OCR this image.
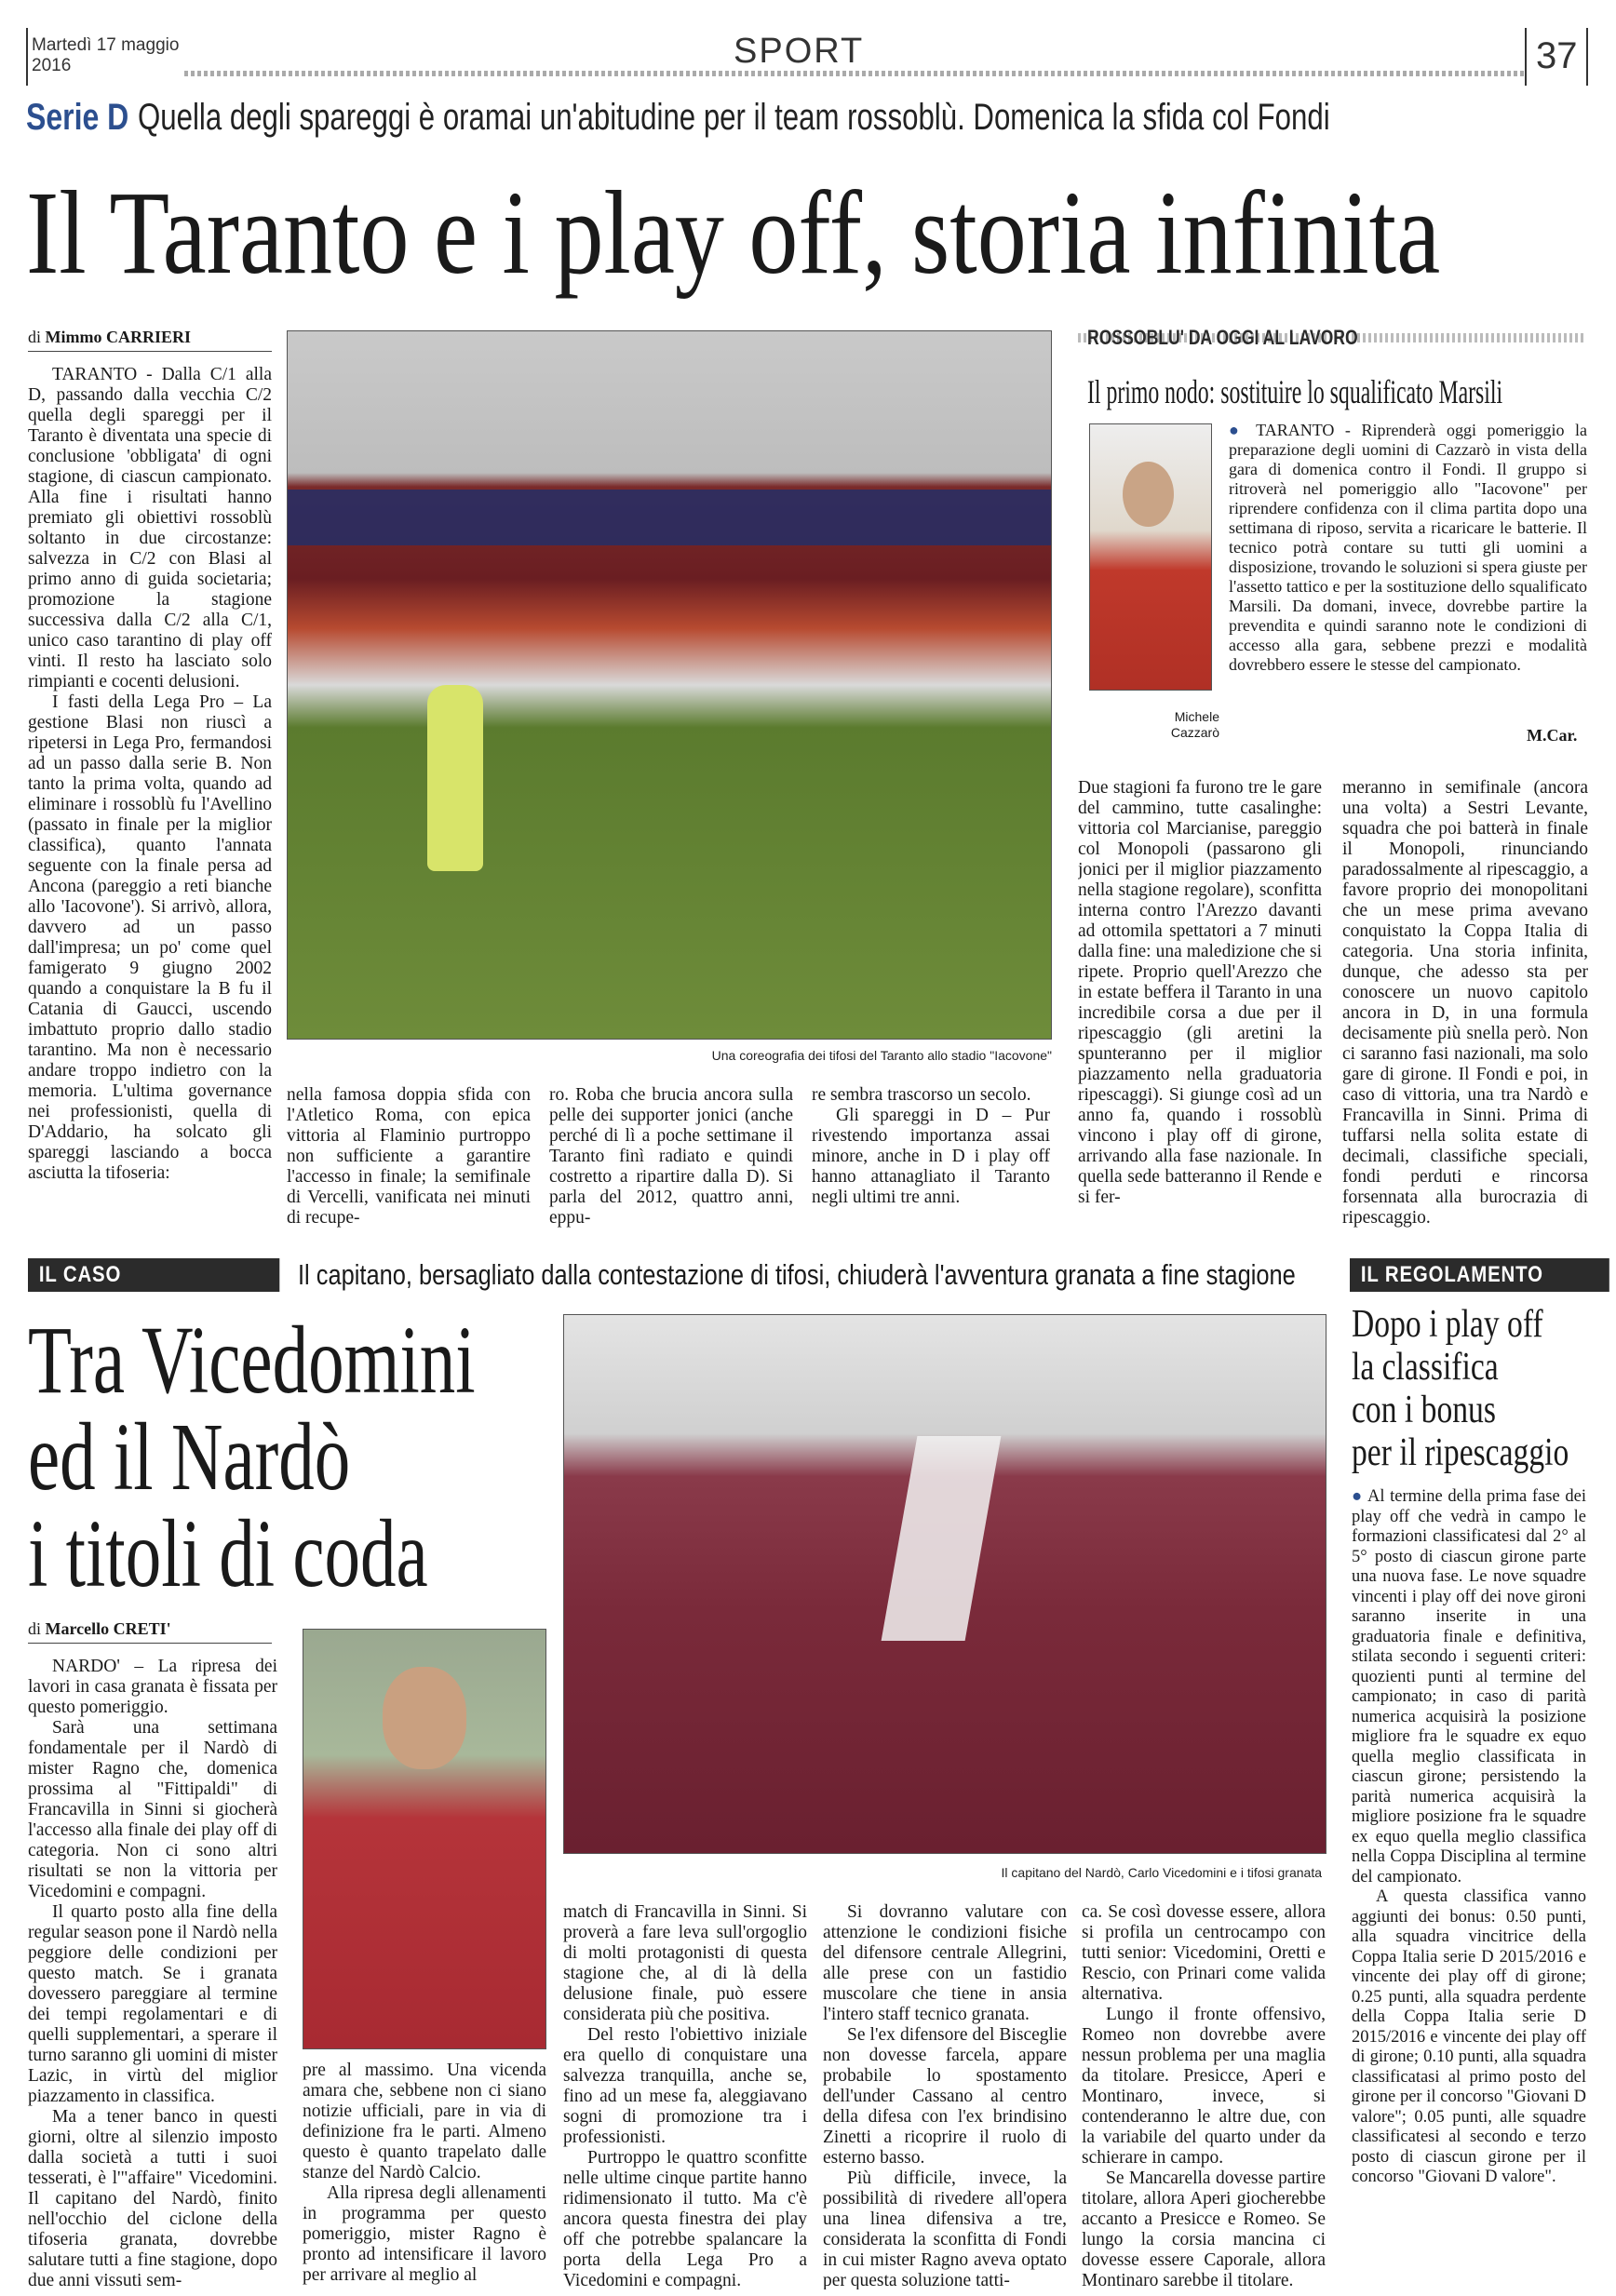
Martedì 17 maggio
2016	SPORT	37
Serie D Quella degli spareggi è oramai un'abitudine per il team rossoblù. Domenica la sfida col Fondi
Il Taranto e i play off, storia infinita
di Mimmo CARRIERI

TARANTO - Dalla C/1 alla D, passando dalla vecchia C/2 quella degli spareggi per il Taranto è diventata una specie di conclusione 'obbligata' di ogni stagione, di ciascun campionato. Alla fine i risultati hanno premiato gli obiettivi rossoblù soltanto in due circostanze: salvezza in C/2 con Blasi al primo anno di guida societaria; promozione la stagione successiva dalla C/2 alla C/1, unico caso tarantino di play off vinti. Il resto ha lasciato solo rimpianti e cocenti delusioni.

I fasti della Lega Pro – La gestione Blasi non riuscì a ripetersi in Lega Pro, fermandosi ad un passo dalla serie B. Non tanto la prima volta, quando ad eliminare i rossoblù fu l'Avellino (passato in finale per la miglior classifica), quanto l'annata seguente con la finale persa ad Ancona (pareggio a reti bianche allo 'Iacovone'). Si arrivò, allora, davvero ad un passo dall'impresa; un po' come quel famigerato 9 giugno 2002 quando a conquistare la B fu il Catania di Gaucci, uscendo imbattuto proprio dallo stadio tarantino. Ma non è necessario andare troppo indietro con la memoria. L'ultima governance nei professionisti, quella di D'Addario, ha solcato gli spareggi lasciando a bocca asciutta la tifoseria:

Una coreografia dei tifosi del Taranto allo stadio "Iacovone"

nella famosa doppia sfida con l'Atletico Roma, con epica vittoria al Flaminio purtroppo non sufficiente a garantire l'accesso in finale; la semifinale di Vercelli, vanificata nei minuti di recupe-

ro. Roba che brucia ancora sulla pelle dei supporter jonici (anche perché di lì a poche settimane il Taranto finì radiato e quindi costretto a ripartire dalla D). Si parla del 2012, quattro anni, eppu-

re sembra trascorso un secolo.

Gli spareggi in D – Pur rivestendo importanza assai minore, anche in D i play off hanno attanagliato il Taranto negli ultimi tre anni.

ROSSOBLU' DA OGGI AL LAVORO
Il primo nodo: sostituire lo squalificato Marsili
Michele
Cazzarò

● TARANTO - Riprenderà oggi pomeriggio la preparazione degli uomini di Cazzarò in vista della gara di domenica contro il Fondi. Il gruppo si ritroverà nel pomeriggio allo "Iacovone" per riprendere confidenza con il clima partita dopo una settimana di riposo, servita a ricaricare le batterie. Il tecnico potrà contare su tutti gli uomini a disposizione, trovando le soluzioni si spera giuste per l'assetto tattico e per la sostituzione dello squalificato Marsili. Da domani, invece, dovrebbe partire la prevendita e quindi saranno note le condizioni di accesso alla gara, sebbene prezzi e modalità dovrebbero essere le stesse del campionato.

M.Car.

Due stagioni fa furono tre le gare del cammino, tutte casalinghe: vittoria col Marcianise, pareggio col Monopoli (passarono gli jonici per il miglior piazzamento nella stagione regolare), sconfitta interna contro l'Arezzo davanti ad ottomila spettatori a 7 minuti dalla fine: una maledizione che si ripete. Proprio quell'Arezzo che in estate beffera il Taranto in una incredibile corsa a due per il ripescaggio (gli aretini la spunteranno per il miglior piazzamento nella graduatoria ripescaggi). Si giunge così ad un anno fa, quando i rossoblù vincono i play off di girone, arrivando alla fase nazionale. In quella sede batteranno il Rende e si fer-

meranno in semifinale (ancora una volta) a Sestri Levante, squadra che poi batterà in finale il Monopoli, rinunciando paradossalmente al ripescaggio, a favore proprio dei monopolitani che un mese prima avevano conquistato la Coppa Italia di categoria. Una storia infinita, dunque, che adesso sta per conoscere un nuovo capitolo ancora in D, in una formula decisamente più snella però. Non ci saranno fasi nazionali, ma solo gare di girone. Il Fondi e poi, in caso di vittoria, una tra Nardò e Francavilla in Sinni. Prima di tuffarsi nella solita estate di decimali, classifiche speciali, fondi perduti e rincorsa forsennata alla burocrazia di ripescaggio.

IL CASO	Il capitano, bersagliato dalla contestazione di tifosi, chiuderà l'avventura granata a fine stagione
Tra Vicedomini
ed il Nardò
i titoli di coda
di Marcello CRETI'

NARDO' – La ripresa dei lavori in casa granata è fissata per questo pomeriggio.

Sarà una settimana fondamentale per il Nardò di mister Ragno che, domenica prossima al "Fittipaldi" di Francavilla in Sinni si giocherà l'accesso alla finale dei play off di categoria. Non ci sono altri risultati se non la vittoria per Vicedomini e compagni.

Il quarto posto alla fine della regular season pone il Nardò nella peggiore delle condizioni per questo match. Se i granata dovessero pareggiare al termine dei tempi regolamentari e di quelli supplementari, a sperare il turno saranno gli uomini di mister Lazic, in virtù del miglior piazzamento in classifica.

Ma a tener banco in questi giorni, oltre al silenzio imposto dalla società a tutti i suoi tesserati, è l'"affaire" Vicedomini. Il capitano del Nardò, finito nell'occhio del ciclone della tifoseria granata, dovrebbe salutare tutti a fine stagione, dopo due anni vissuti sem-

pre al massimo. Una vicenda amara che, sebbene non ci siano notizie ufficiali, pare in via di definizione fra le parti. Almeno questo è quanto trapelato dalle stanze del Nardò Calcio.

Alla ripresa degli allenamenti in programma per questo pomeriggio, mister Ragno è pronto ad intensificare il lavoro per arrivare al meglio al

Il capitano del Nardò, Carlo Vicedomini e i tifosi granata

match di Francavilla in Sinni. Si proverà a fare leva sull'orgoglio di molti protagonisti di questa stagione che, al di là della delusione finale, può essere considerata più che positiva.

Del resto l'obiettivo iniziale era quello di conquistare una salvezza tranquilla, anche se, fino ad un mese fa, aleggiavano sogni di promozione tra i professionisti.

Purtroppo le quattro sconfitte nelle ultime cinque partite hanno ridimensionato il tutto. Ma c'è ancora questa finestra dei play off che potrebbe spalancare la porta della Lega Pro a Vicedomini e compagni.

Si dovranno valutare con attenzione le condizioni fisiche del difensore centrale Allegrini, alle prese con un fastidio muscolare che tiene in ansia l'intero staff tecnico granata.

Se l'ex difensore del Bisceglie non dovesse farcela, appare probabile lo spostamento dell'under Cassano al centro della difesa con l'ex brindisino Zinetti a ricoprire il ruolo di esterno basso.

Più difficile, invece, la possibilità di rivedere all'opera una linea difensiva a tre, considerata la sconfitta di Fondi in cui mister Ragno aveva optato per questa soluzione tatti-

ca. Se così dovesse essere, allora si profila un centrocampo con tutti senior: Vicedomini, Oretti e Rescio, con Prinari come valida alternativa.

Lungo il fronte offensivo, Romeo non dovrebbe avere nessun problema per una maglia da titolare. Presicce, Aperi e Montinaro, invece, si contenderanno le altre due, con la variabile del quarto under da schierare in campo.

Se Mancarella dovesse partire titolare, allora Aperi giocherebbe accanto a Presicce e Romeo. Se lungo la corsia mancina ci dovesse essere Caporale, allora Montinaro sarebbe il titolare.

IL REGOLAMENTO
Dopo i play off
la classifica
con i bonus
per il ripescaggio

● Al termine della prima fase dei play off che vedrà in campo le formazioni classificatesi dal 2° al 5° posto di ciascun girone parte una nuova fase. Le nove squadre vincenti i play off dei nove gironi saranno inserite in una graduatoria finale e definitiva, stilata secondo i seguenti criteri: quozienti punti al termine del campionato; in caso di parità numerica acquisirà la posizione migliore fra le squadre ex equo quella meglio classificata in ciascun girone; persistendo la parità numerica acquisirà la migliore posizione fra le squadre ex equo quella meglio classifica nella Coppa Disciplina al termine del campionato.

A questa classifica vanno aggiunti dei bonus: 0.50 punti, alla squadra vincitrice della Coppa Italia serie D 2015/2016 e vincente dei play off di girone; 0.25 punti, alla squadra perdente della Coppa Italia serie D 2015/2016 e vincente dei play off di girone; 0.10 punti, alla squadra classificatasi al primo posto del girone per il concorso "Giovani D valore"; 0.05 punti, alle squadre classificatesi al secondo e terzo posto di ciascun girone per il concorso "Giovani D valore".
